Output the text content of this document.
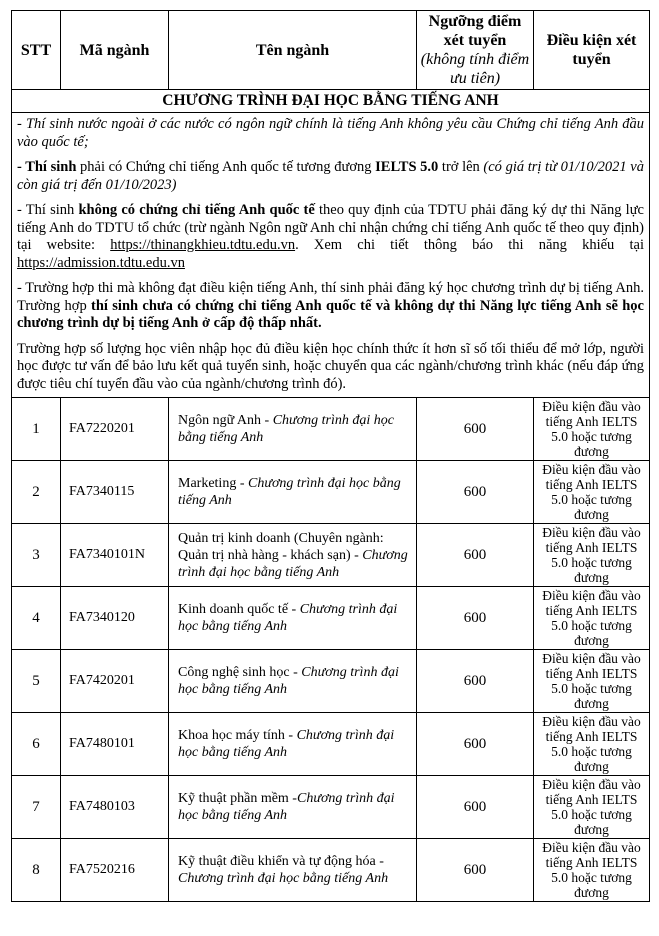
STT	Mã ngành	Tên ngành	Ngưỡng điểm
xét tuyển
(không tính điểm ưu tiên)	Điều kiện xét tuyển
CHƯƠNG TRÌNH ĐẠI HỌC BẰNG TIẾNG ANH				

- Thí sinh nước ngoài ở các nước có ngôn ngữ chính là tiếng Anh không yêu cầu Chứng chỉ tiếng Anh đầu vào quốc tế;

- Thí sinh phải có Chứng chỉ tiếng Anh quốc tế tương đương IELTS 5.0 trở lên (có giá trị từ 01/10/2021 và còn giá trị đến 01/10/2023)

- Thí sinh không có chứng chỉ tiếng Anh quốc tế theo quy định của TDTU phải đăng ký dự thi Năng lực tiếng Anh do TDTU tổ chức (trừ ngành Ngôn ngữ Anh chỉ nhận chứng chỉ tiếng Anh quốc tế theo quy định) tại website: https://thinangkhieu.tdtu.edu.vn. Xem chi tiết thông báo thi năng khiếu tại https://admission.tdtu.edu.vn

- Trường hợp thi mà không đạt điều kiện tiếng Anh, thí sinh phải đăng ký học chương trình dự bị tiếng Anh. Trường hợp thí sinh chưa có chứng chỉ tiếng Anh quốc tế và không dự thi Năng lực tiếng Anh sẽ học chương trình dự bị tiếng Anh ở cấp độ thấp nhất.

Trường hợp số lượng học viên nhập học đủ điều kiện học chính thức ít hơn sĩ số tối thiểu để mở lớp, người học được tư vấn để bảo lưu kết quả tuyển sinh, hoặc chuyển qua các ngành/chương trình khác (nếu đáp ứng được tiêu chí tuyển đầu vào của ngành/chương trình đó).				

1	FA7220201	Ngôn ngữ Anh - Chương trình đại học bằng tiếng Anh	600	Điều kiện đầu vào tiếng Anh IELTS 5.0 hoặc tương đương
2	FA7340115	Marketing - Chương trình đại học bằng tiếng Anh	600	Điều kiện đầu vào tiếng Anh IELTS 5.0 hoặc tương đương
3	FA7340101N	Quản trị kinh doanh (Chuyên ngành: Quản trị nhà hàng - khách sạn) - Chương trình đại học bằng tiếng Anh	600	Điều kiện đầu vào tiếng Anh IELTS 5.0 hoặc tương đương
4	FA7340120	Kinh doanh quốc tế - Chương trình đại học bằng tiếng Anh	600	Điều kiện đầu vào tiếng Anh IELTS 5.0 hoặc tương đương
5	FA7420201	Công nghệ sinh học - Chương trình đại học bằng tiếng Anh	600	Điều kiện đầu vào tiếng Anh IELTS 5.0 hoặc tương đương
6	FA7480101	Khoa học máy tính - Chương trình đại học bằng tiếng Anh	600	Điều kiện đầu vào tiếng Anh IELTS 5.0 hoặc tương đương
7	FA7480103	Kỹ thuật phần mềm -Chương trình đại học bằng tiếng Anh	600	Điều kiện đầu vào tiếng Anh IELTS 5.0 hoặc tương đương
8	FA7520216	Kỹ thuật điều khiển và tự động hóa - Chương trình đại học bằng tiếng Anh	600	Điều kiện đầu vào tiếng Anh IELTS 5.0 hoặc tương đương
